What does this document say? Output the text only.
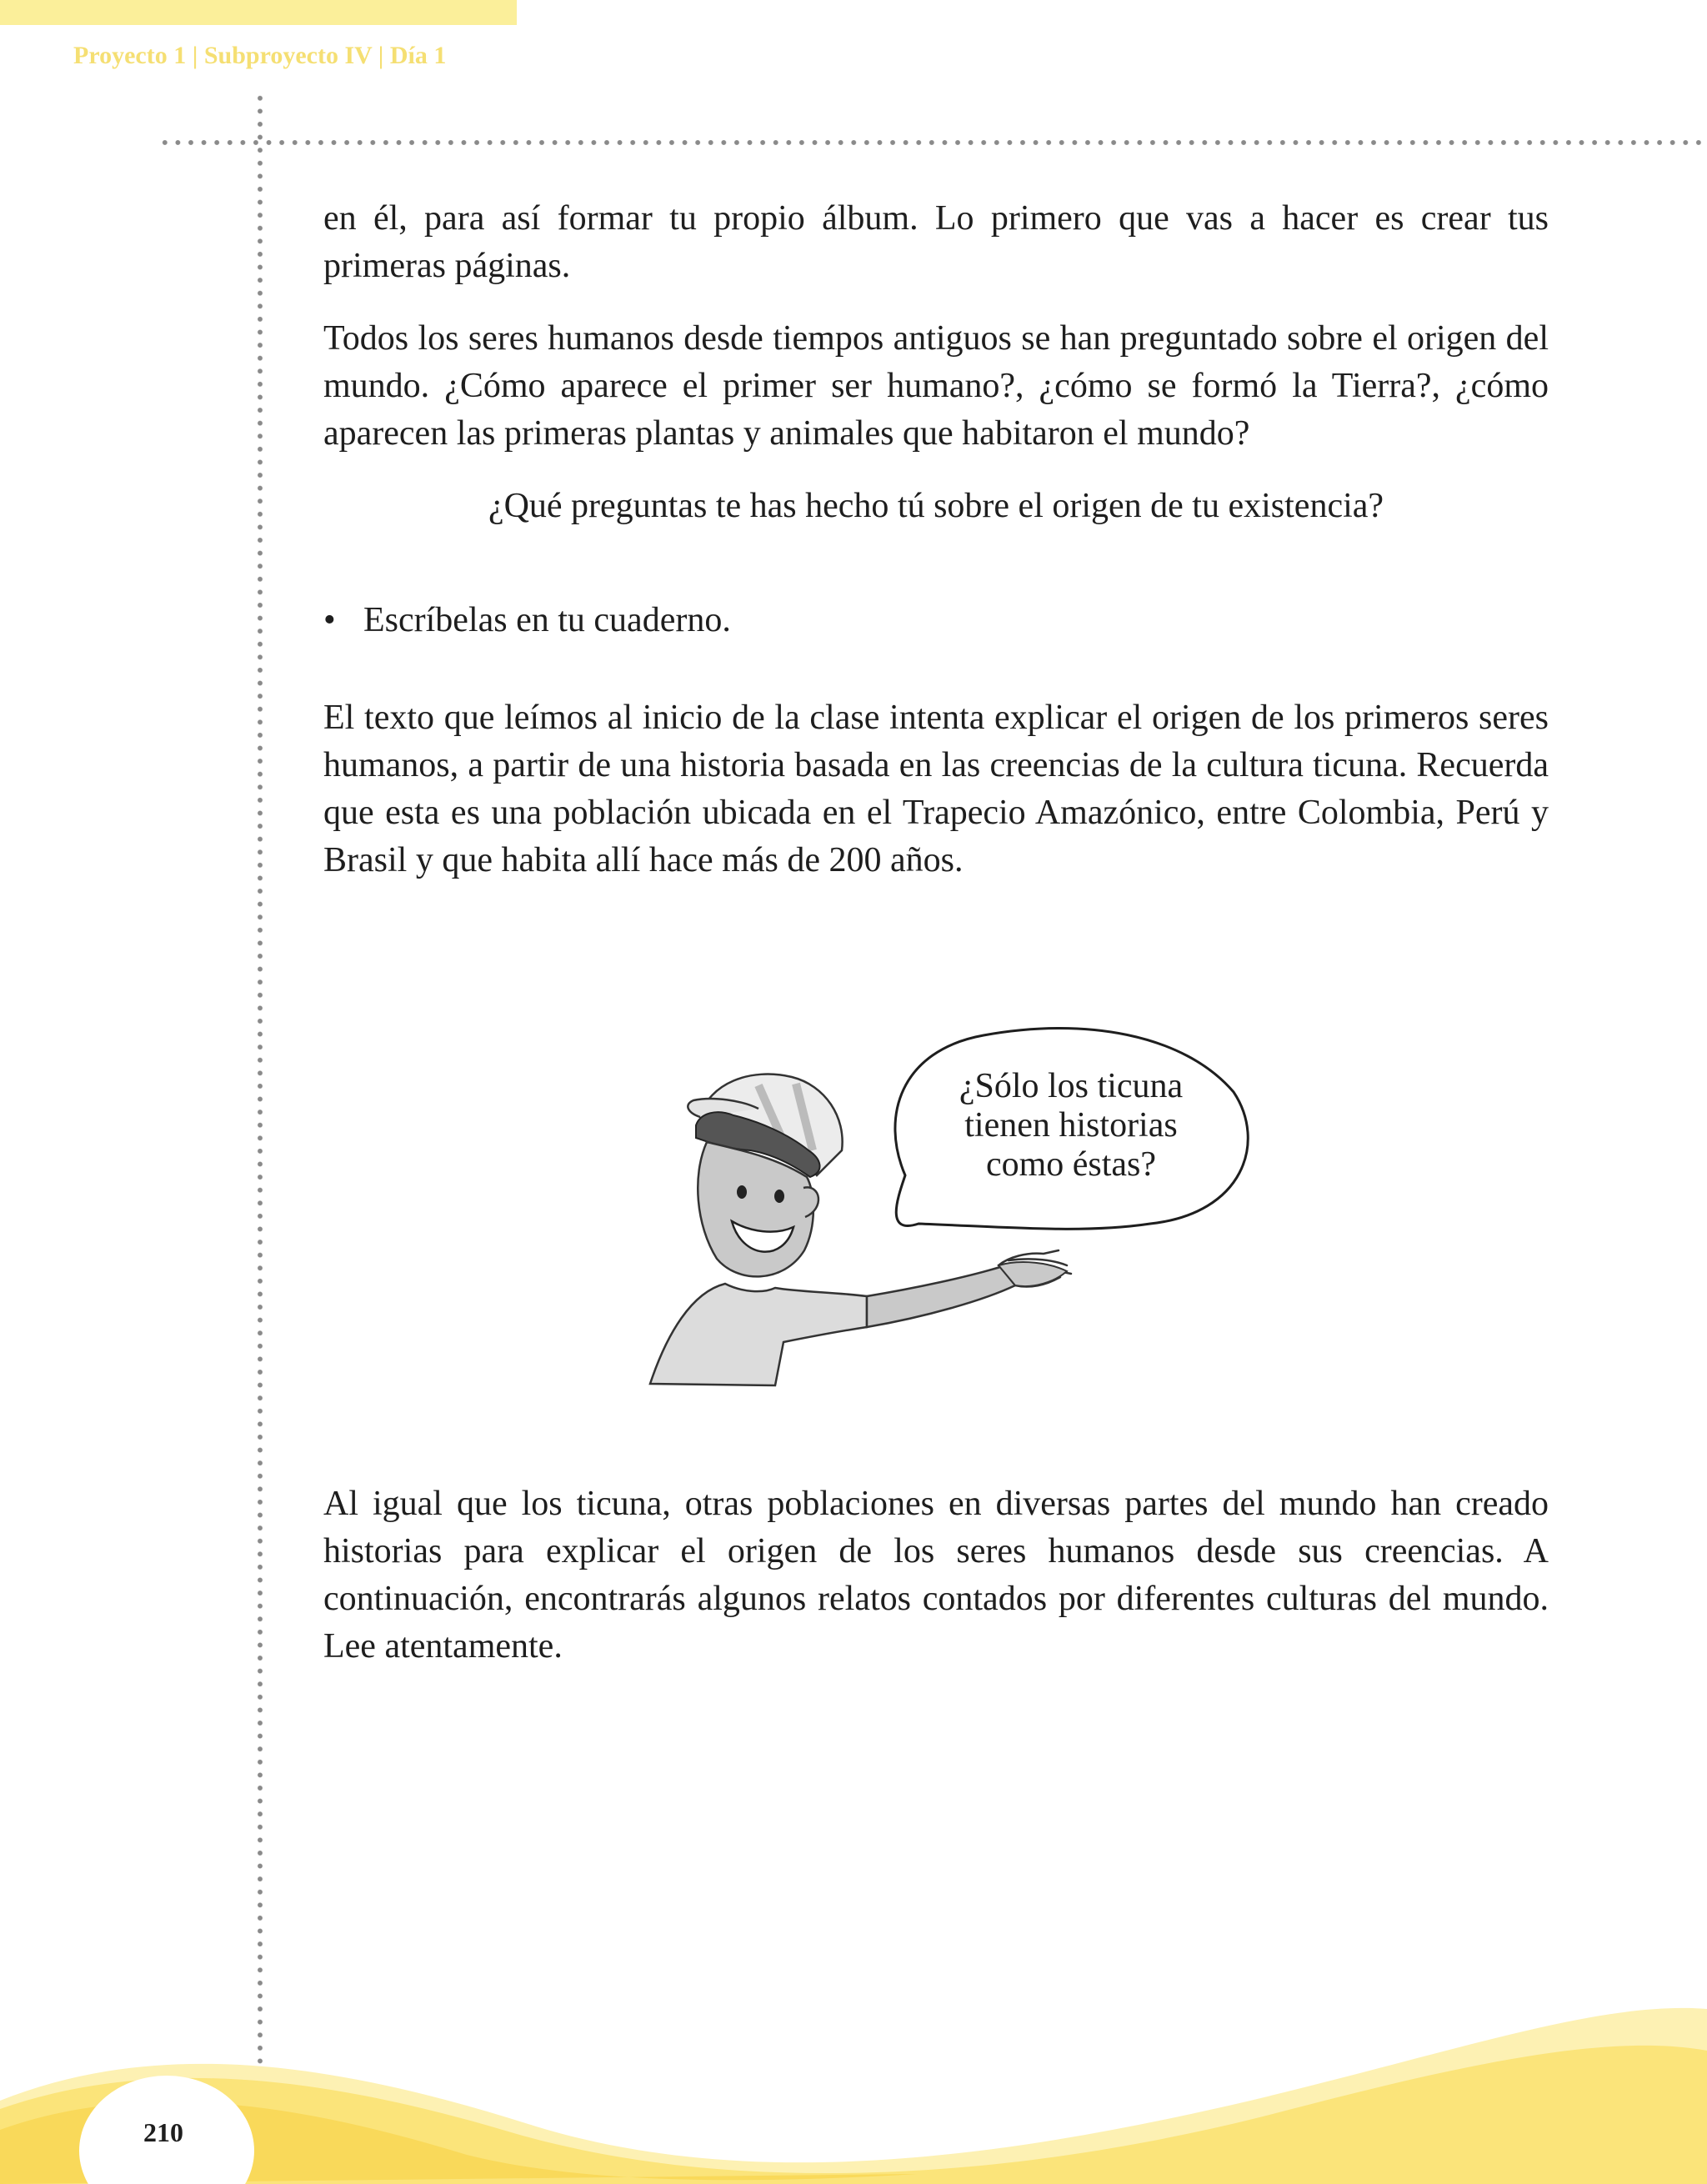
Proyecto 1 | Subproyecto IV | Día 1

en él, para así formar tu propio álbum. Lo primero que vas a hacer es crear tus primeras páginas.

Todos los seres humanos desde tiempos antiguos se han preguntado sobre el origen del mundo. ¿Cómo aparece el primer ser humano?, ¿cómo se formó la Tierra?, ¿cómo aparecen las primeras plantas y animales que habitaron el mundo?

¿Qué preguntas te has hecho tú sobre el origen de tu existencia?

• Escríbelas en tu cuaderno.

El texto que leímos al inicio de la clase intenta explicar el origen de los primeros seres humanos, a partir de una historia basada en las creencias de la cultura ticuna. Recuerda que esta es una población ubicada en el Trapecio Amazónico, entre Colombia, Perú y Brasil y que habita allí hace más de 200 años.

¿Sólo los ticuna
tienen historias
como éstas?

Al igual que los ticuna, otras poblaciones en diversas partes del mundo han creado historias para explicar el origen de los seres humanos desde sus creencias. A continuación, encontrarás algunos relatos contados por diferentes culturas del mundo. Lee atentamente.

210
